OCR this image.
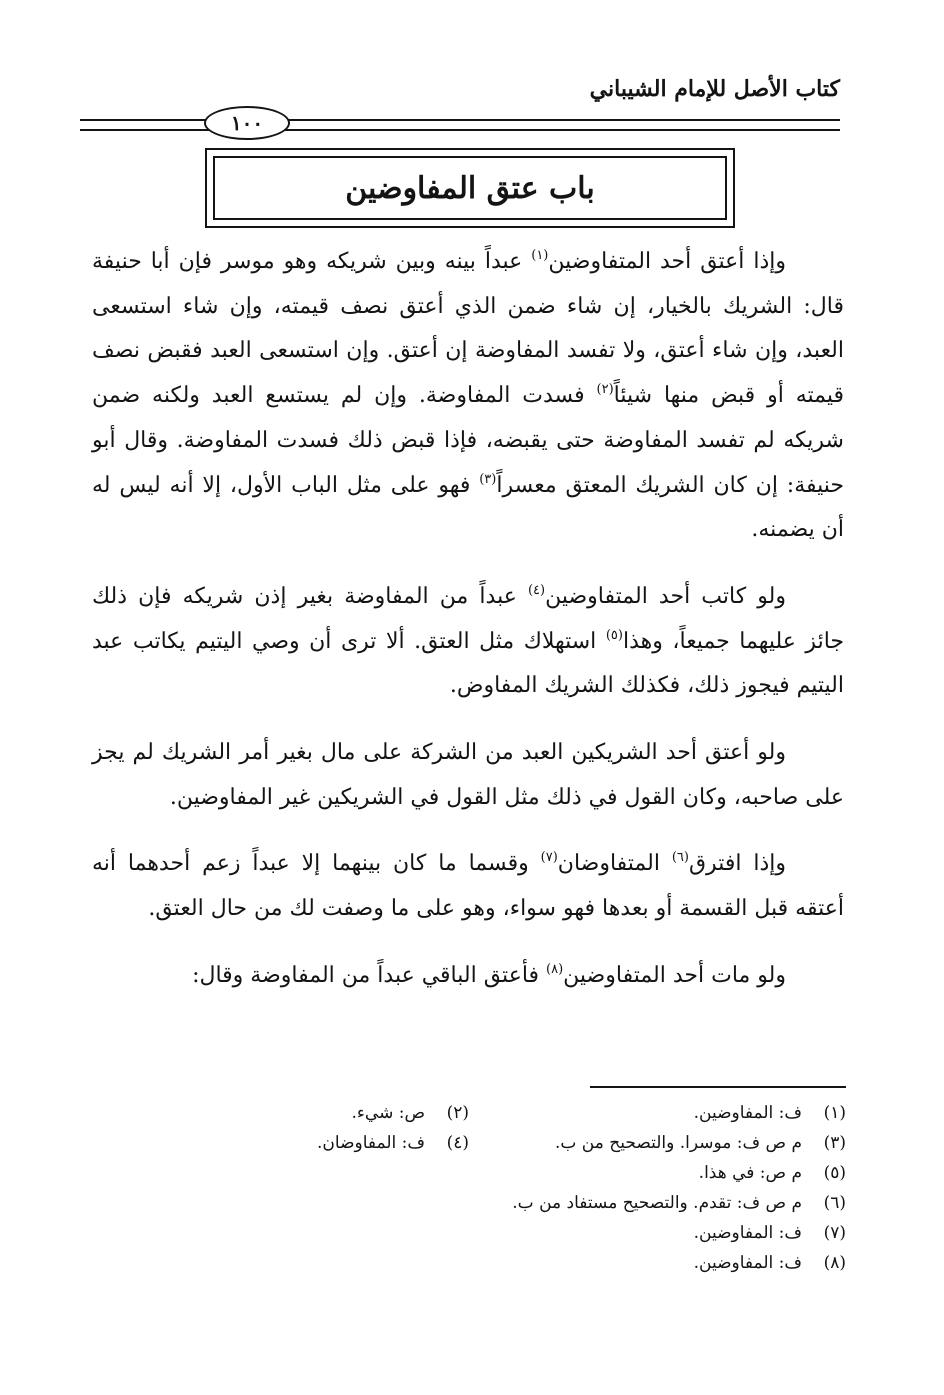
كتاب الأصل للإمام الشيباني
١٠٠
باب عتق المفاوضين

وإذا أعتق أحد المتفاوضين$^{(١)}$ عبداً بينه وبين شريكه وهو موسر فإن أبا حنيفة قال: الشريك بالخيار، إن شاء ضمن الذي أعتق نصف قيمته، وإن شاء استسعى العبد، وإن شاء أعتق، ولا تفسد المفاوضة إن أعتق. وإن استسعى العبد فقبض نصف قيمته أو قبض منها شيئاً$^{(٢)}$ فسدت المفاوضة. وإن لم يستسع العبد ولكنه ضمن شريكه لم تفسد المفاوضة حتى يقبضه، فإذا قبض ذلك فسدت المفاوضة. وقال أبو حنيفة: إن كان الشريك المعتق معسراً$^{(٣)}$ فهو على مثل الباب الأول، إلا أنه ليس له أن يضمنه.

ولو كاتب أحد المتفاوضين$^{(٤)}$ عبداً من المفاوضة بغير إذن شريكه فإن ذلك جائز عليهما جميعاً، وهذا$^{(٥)}$ استهلاك مثل العتق. ألا ترى أن وصي اليتيم يكاتب عبد اليتيم فيجوز ذلك، فكذلك الشريك المفاوض.

ولو أعتق أحد الشريكين العبد من الشركة على مال بغير أمر الشريك لم يجز على صاحبه، وكان القول في ذلك مثل القول في الشريكين غير المفاوضين.

وإذا افترق$^{(٦)}$ المتفاوضان$^{(٧)}$ وقسما ما كان بينهما إلا عبداً زعم أحدهما أنه أعتقه قبل القسمة أو بعدها فهو سواء، وهو على ما وصفت لك من حال العتق.

ولو مات أحد المتفاوضين$^{(٨)}$ فأعتق الباقي عبداً من المفاوضة وقال:

(١)
ف: المفاوضين.
(٢)
ص: شيء.
(٣)
م ص ف: موسرا. والتصحيح من ب.
(٤)
ف: المفاوضان.
(٥)
م ص: في هذا.
(٦)
م ص ف: تقدم. والتصحيح مستفاد من ب.
(٧)
ف: المفاوضين.
(٨)
ف: المفاوضين.
